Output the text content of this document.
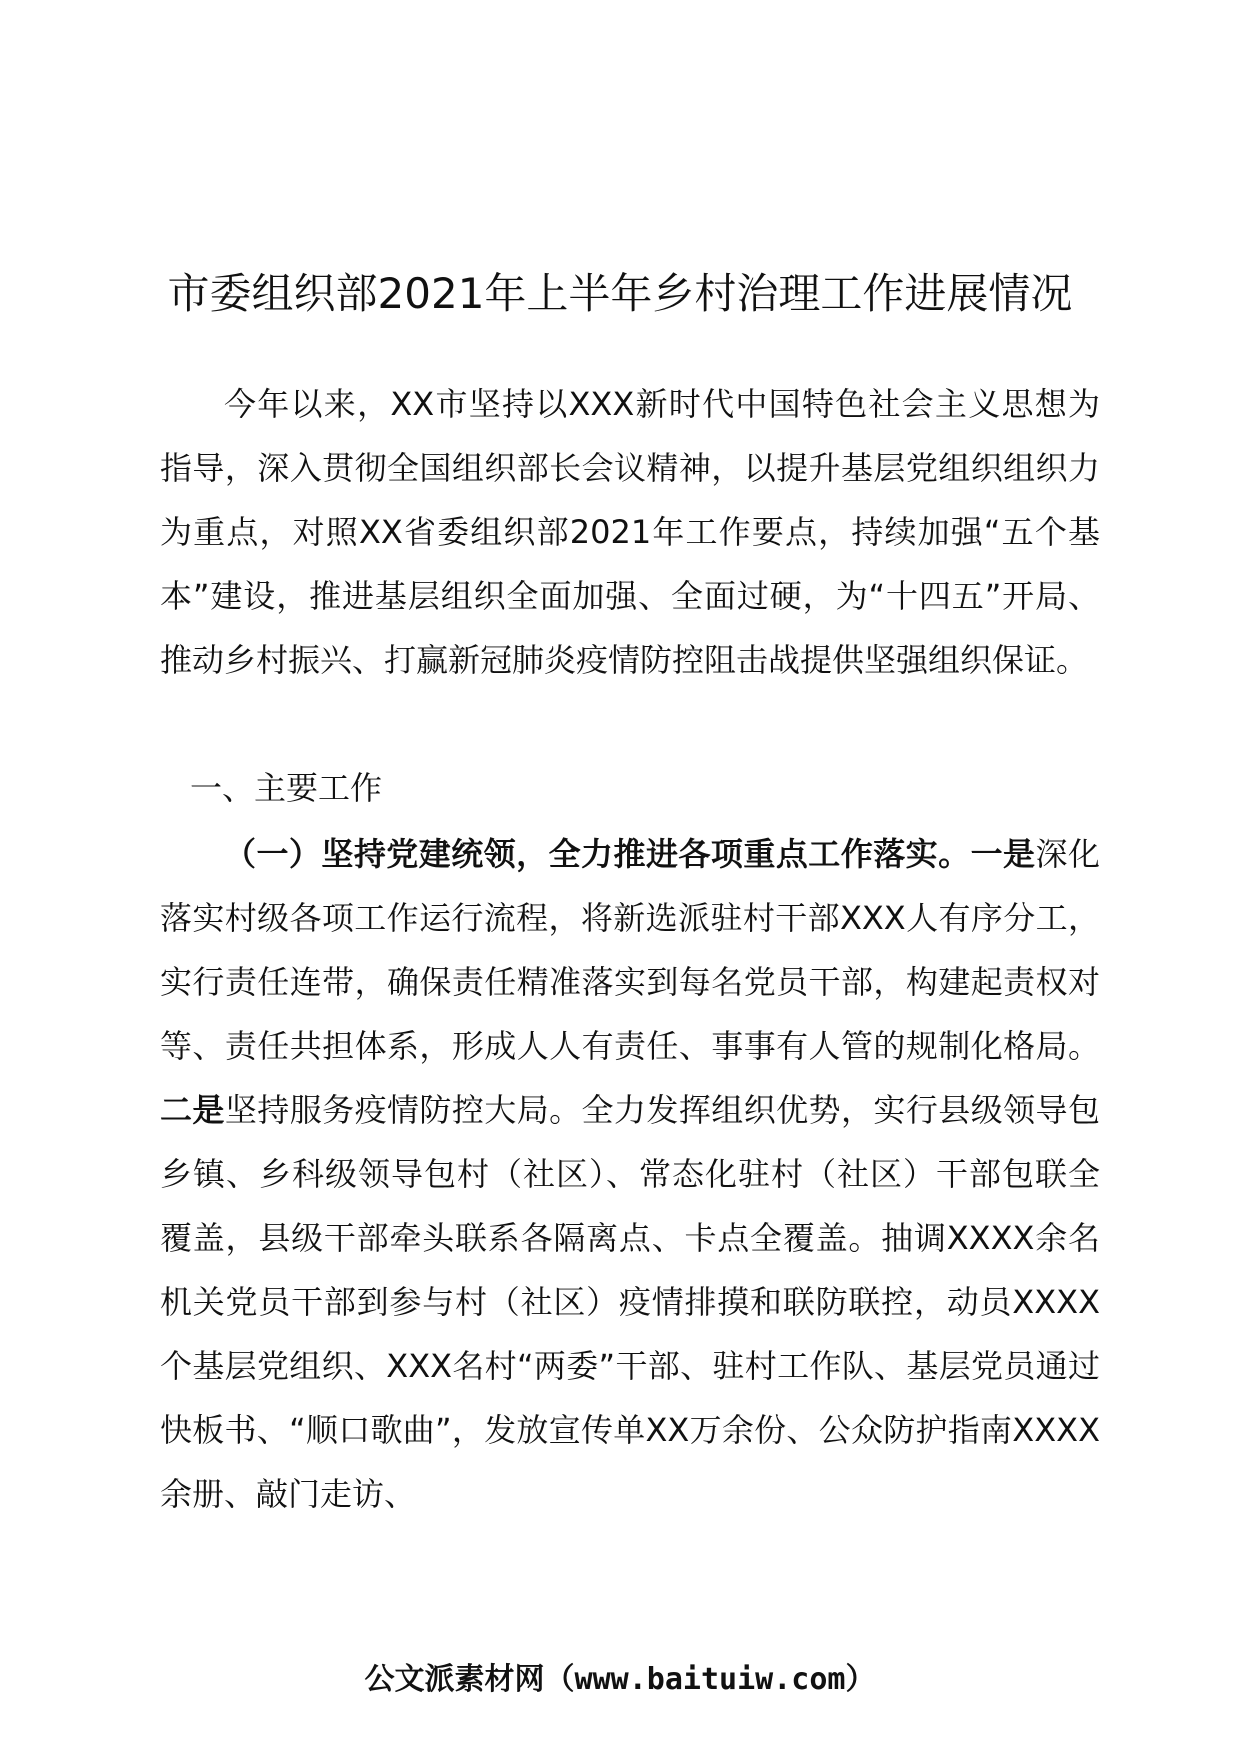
市委组织部2021年上半年乡村治理工作进展情况

今年以来，XX市坚持以XXX新时代中国特色社会主义思想为指导，深入贯彻全国组织部长会议精神，以提升基层党组织组织力为重点，对照XX省委组织部2021年工作要点，持续加强“五个基本”建设，推进基层组织全面加强、全面过硬，为“十四五”开局、推动乡村振兴、打赢新冠肺炎疫情防控阻击战提供坚强组织保证。

一、主要工作

（一）坚持党建统领，全力推进各项重点工作落实。一是深化落实村级各项工作运行流程，将新选派驻村干部XXX人有序分工，实行责任连带，确保责任精准落实到每名党员干部，构建起责权对等、责任共担体系，形成人人有责任、事事有人管的规制化格局。二是坚持服务疫情防控大局。全力发挥组织优势，实行县级领导包乡镇、乡科级领导包村（社区）、常态化驻村（社区）干部包联全覆盖，县级干部牵头联系各隔离点、卡点全覆盖。抽调XXXX余名机关党员干部到参与村（社区）疫情排摸和联防联控，动员XXXX个基层党组织、XXX名村“两委”干部、驻村工作队、基层党员通过快板书、“顺口歌曲”，发放宣传单XX万余份、公众防护指南XXXX余册、敲门走访、

公文派素材网（www.baituiw.com）
